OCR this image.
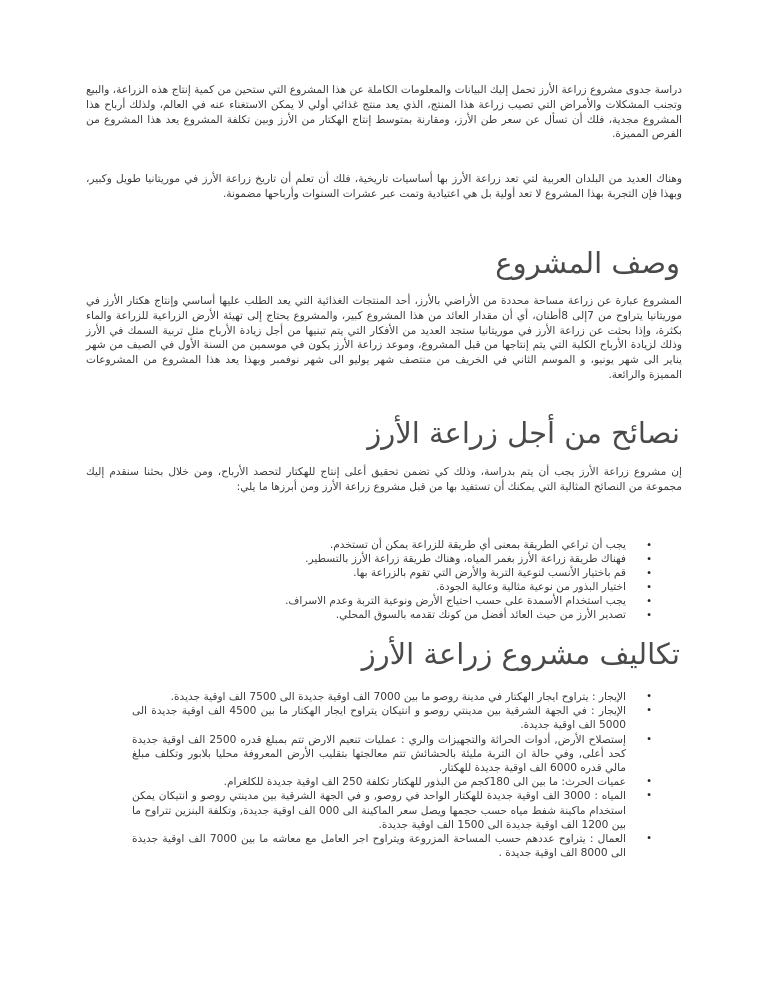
دراسة جدوى مشروع زراعة الأرز تحمل إليك البيانات والمعلومات الكاملة عن هذا المشروع التي ستحين من كمية إنتاج هذه الزراعة، والبيع وتجنب المشكلات والأمراض التي تصيب زراعة هذا المنتج، الذي يعد منتج غذائي أولي لا يمكن الاستغناء عنه في العالم، ولذلك أرباح هذا المشروع مجدية، فلك أن تسأل عن سعر طن الأرز، ومقارنة بمتوسط إنتاج الهكتار من الأرز وبين تكلفة المشروع يعد هذا المشروع من الفرص المميزة.

وهناك العديد من البلدان العربية لتي تعد زراعة الأرز بها أساسيات تاريخية، فلك أن تعلم أن تاريخ زراعة الأرز في موريتانيا طويل وكبير، وبهذا فإن التجربة بهذا المشروع لا تعد أولية بل هي اعتيادية وتمت عبر عشرات السنوات وأرباحها مضمونة.

وصف المشروع

المشروع عبارة عن زراعة مساحة محددة من الأراضي بالأرز، أحد المنتجات الغذائية التي يعد الطلب عليها أساسي وإنتاج هكتار الأرز في موريتانيا يتراوح من 7إلى 8أطنان، أي أن مقدار العائد من هذا المشروع كبير، والمشروع يحتاج إلى تهيئة الأرض الزراعية للزراعة والماء بكثرة، وإذا بحثت عن زراعة الأرز في موريتانيا ستجد العديد من الأفكار التي يتم تبنيها من أجل زيادة الأرباح مثل تربية السمك في الأرز وذلك لزيادة الأرباح الكلية التي يتم إنتاجها من قبل المشروع، وموعد زراعة الأرز يكون في موسمين من السنة الأول في الصيف من شهر يناير الى شهر يونيو، و الموسم الثاني في الخريف من منتصف شهر يوليو الى شهر نوفمبر وبهذا يعد هذا المشروع من المشروعات المميزة والرائعة.

نصائح من أجل زراعة الأرز

إن مشروع زراعة الأرز يجب أن يتم بدراسة، وذلك كي تضمن تحقيق أعلى إنتاج للهكتار لتحصد الأرباح، ومن خلال بحثنا سنقدم إليك مجموعة من النصائح المثالية التي يمكنك أن تستفيد بها من قبل مشروع زراعة الأرز ومن أبرزها ما يلي:

• يجب أن تراعي الطريقة بمعنى أي طريقة للزراعة يمكن أن تستخدم.
• فهناك طريقة زراعة الأرز بغمر المياه، وهناك طريقة زراعة الأرز بالتسطير.
• قم باختيار الأنسب لنوعية التربة والأرض التي تقوم بالزراعة بها.
• اختيار البذور من نوعية مثالية وعالية الجودة.
• يجب استخدام الأسمدة على حسب احتياج الأرض ونوعية التربة وعدم الاسراف.
• تصدير الأرز من حيث العائد أفضل من كونك تقدمه بالسوق المحلي.
تكاليف مشروع زراعة الأرز
• الإيجار : يتراوح ايجار الهكتار في مدينة روصو ما بين 7000 الف اوقية جديدة الى 7500 الف اوقية جديدة.
• الإيجار : في الجهة الشرقية بين مدينتي روصو و انتيكان يتراوح ايجار الهكتار ما بين 4500 الف اوقية جديدة الى 5000 الف اوقية جديدة.
• إستصلاح الأرض, أدوات الحراثة والتجهيزات والري : عمليات تنعيم الارض تتم بمبلغ قدره 2500 الف اوقية جديدة كحد أعلى, وفي حالة ان التربة مليئة بالحشائش تتم معالجتها بتقليب الأرض المعروفة محليا بلابور وتكلف مبلغ مالي قدره 6000 الف اوقية جديدة للهكتار.
• عميات الحرث: ما بين الى 180كجم من البذور للهكتار تكلفة 250 الف اوقية جديدة للكلغرام.
• المياه : 3000 الف اوقية جديدة للهكتار الواحد في روصو, و في الجهة الشرقية بين مدينتي روصو و انتيكان يمكن استخدام ماكينة شفط مياه حسب حجمها ويصل سعر الماكينة الى 000 الف اوقية جديدة, وتكلفة البنزين تتراوح ما بين 1200 الف اوقية جديدة الى 1500 الف اوقية جديدة.
• العمال : يتراوح عددهم حسب المساحة المزروعة ويتراوح اجر العامل مع معاشه ما بين 7000 الف اوقية جديدة الى 8000 الف اوقية جديدة .
